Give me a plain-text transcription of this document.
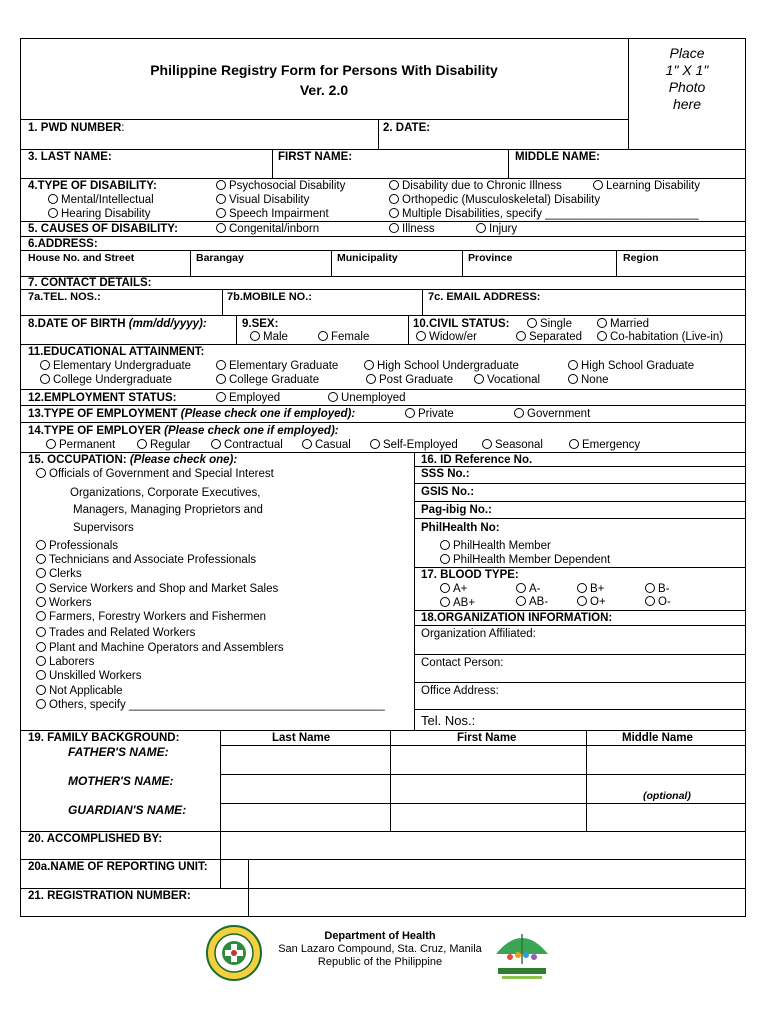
Philippine Registry Form for Persons With Disability
Ver. 2.0
Place
1" X 1"
Photo
here
1. PWD NUMBER:	2. DATE:
3. LAST NAME:	FIRST NAME:	MIDDLE NAME:
4.TYPE OF DISABILITY:	Psychosocial Disability	Disability due to Chronic Illness	Learning Disability
Mental/Intellectual	Visual Disability	Orthopedic (Musculoskeletal) Disability
Hearing Disability	Speech Impairment	Multiple Disabilities, specify ________________________
5. CAUSES OF DISABILITY:	Congenital/inborn	Illness	Injury
6.ADDRESS:
House No. and Street	Barangay	Municipality	Province	Region
7. CONTACT DETAILS:
7a.TEL. NOS.:	7b.MOBILE NO.:	7c. EMAIL ADDRESS:
8.DATE OF BIRTH (mm/dd/yyyy):	9.SEX:
Male	Female
10.CIVIL STATUS:	Single	Married
Widow/er	Separated	Co-habitation (Live-in)
11.EDUCATIONAL ATTAINMENT:
Elementary Undergraduate	Elementary Graduate	High School Undergraduate	High School Graduate
College Undergraduate	College Graduate	Post Graduate	Vocational	None
12.EMPLOYMENT STATUS:	Employed	Unemployed
13.TYPE OF EMPLOYMENT (Please check one if employed):	Private	Government
14.TYPE OF EMPLOYER (Please check one if employed):
Permanent	Regular	Contractual	Casual	Self-Employed	Seasonal	Emergency
15. OCCUPATION: (Please check one):
Officials of Government and Special Interest
Organizations, Corporate Executives,
Managers, Managing Proprietors and
Supervisors
Professionals
Technicians and Associate Professionals
Clerks
Service Workers and Shop and Market Sales
Workers
Farmers, Forestry Workers and Fishermen
Trades and Related Workers
Plant and Machine Operators and Assemblers
Laborers
Unskilled Workers
Not Applicable
Others, specify ________________________________________
16. ID Reference No.
SSS No.:
GSIS No.:
Pag-ibig No.:
PhilHealth No:
PhilHealth Member
PhilHealth Member Dependent
17. BLOOD TYPE:
A+	A-	B+	B-
AB+	AB-	O+	O-
18.ORGANIZATION INFORMATION:
Organization Affiliated:
Contact Person:
Office Address:
Tel. Nos.:
19. FAMILY BACKGROUND:	Last Name	First Name	Middle Name
FATHER'S NAME:
MOTHER'S NAME:
(optional)
GUARDIAN'S NAME:
20. ACCOMPLISHED BY:
20a.NAME OF REPORTING UNIT:
21. REGISTRATION NUMBER:
Department of Health
San Lazaro Compound, Sta. Cruz, Manila
Republic of the Philippine
